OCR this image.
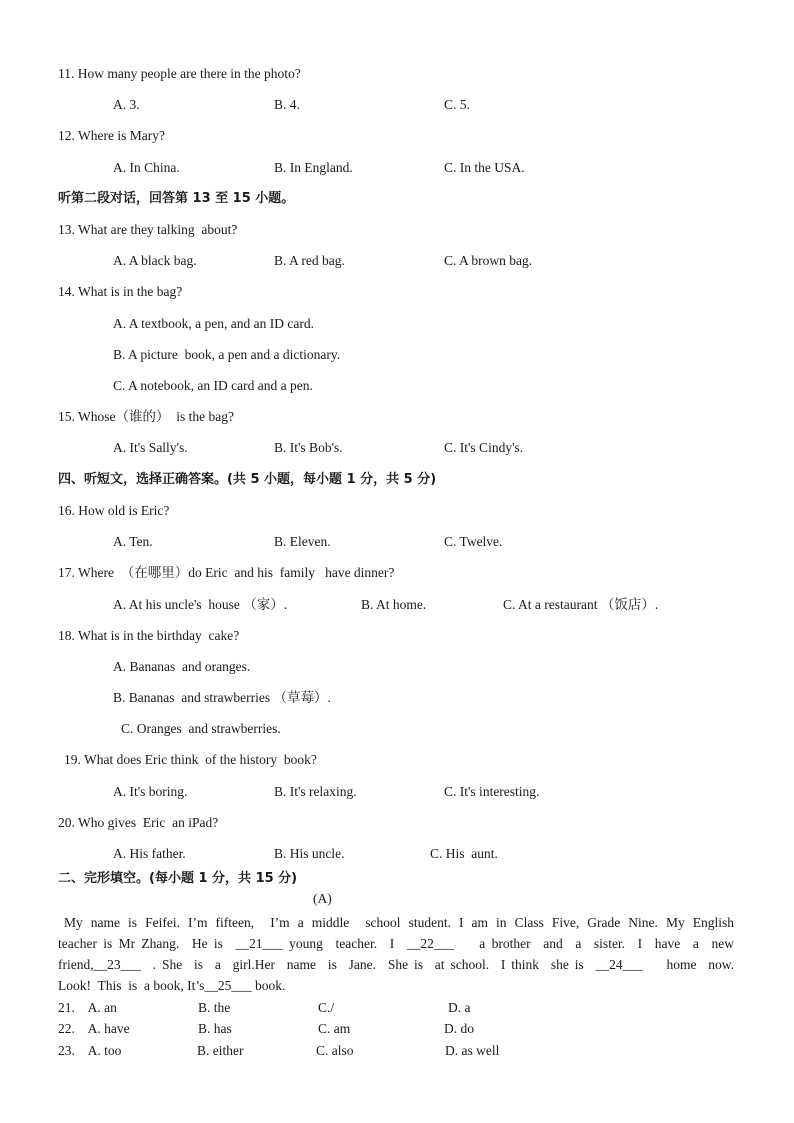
11. How many people are there in the photo?
A. 3.	B. 4.	C. 5.
12. Where is Mary?
A. In China.	B. In England.	C. In the USA.
听第二段对话，回答第 13 至 15 小题。
13. What are they talking  about?
A. A black bag.	B. A red bag.	C. A brown bag.
14. What is in the bag?
A. A textbook, a pen, and an ID card.
B. A picture  book, a pen and a dictionary.
C. A notebook, an ID card and a pen.
15. Whose（谁的）  is the bag?
A. It's Sally's.	B. It's Bob's.	C. It's Cindy's.
四、听短文，选择正确答案。(共 5 小题，每小题 1 分，共 5 分)
16. How old is Eric?
A. Ten.	B. Eleven.	C. Twelve.
17. Where  （在哪里）do Eric  and his  family   have dinner?
A. At his uncle's  house （家）.	B. At home.	C. At a restaurant （饭店）.
18. What is in the birthday  cake?
A. Bananas  and oranges.
B. Bananas  and strawberries （草莓）.
C. Oranges  and strawberries.
19. What does Eric think  of the history  book?
A. It's boring.	B. It's relaxing.	C. It's interesting.
20. Who gives  Eric  an iPad?
A. His father.	B. His uncle.	C. His  aunt.
二、完形填空。(每小题 1 分，共 15 分)
(A)
My name is Feifei. I’m fifteen,  I’m a middle  school student. I am in Class Five, Grade Nine. My English
teacher is Mr Zhang.  He is  __21___ young  teacher.  I  __22___    a brother  and  a  sister.  I  have  a  new
friend,__23___  . She  is  a  girl.Her  name  is  Jane.  She is  at school.  I think  she is  __24___    home  now.
Look!  This  is  a book, It’s__25___ book.
21.    A. an	B. the	C./	D. a
22.    A. have	B. has	C. am	D. do
23.    A. too	B. either	C. also	D. as well
